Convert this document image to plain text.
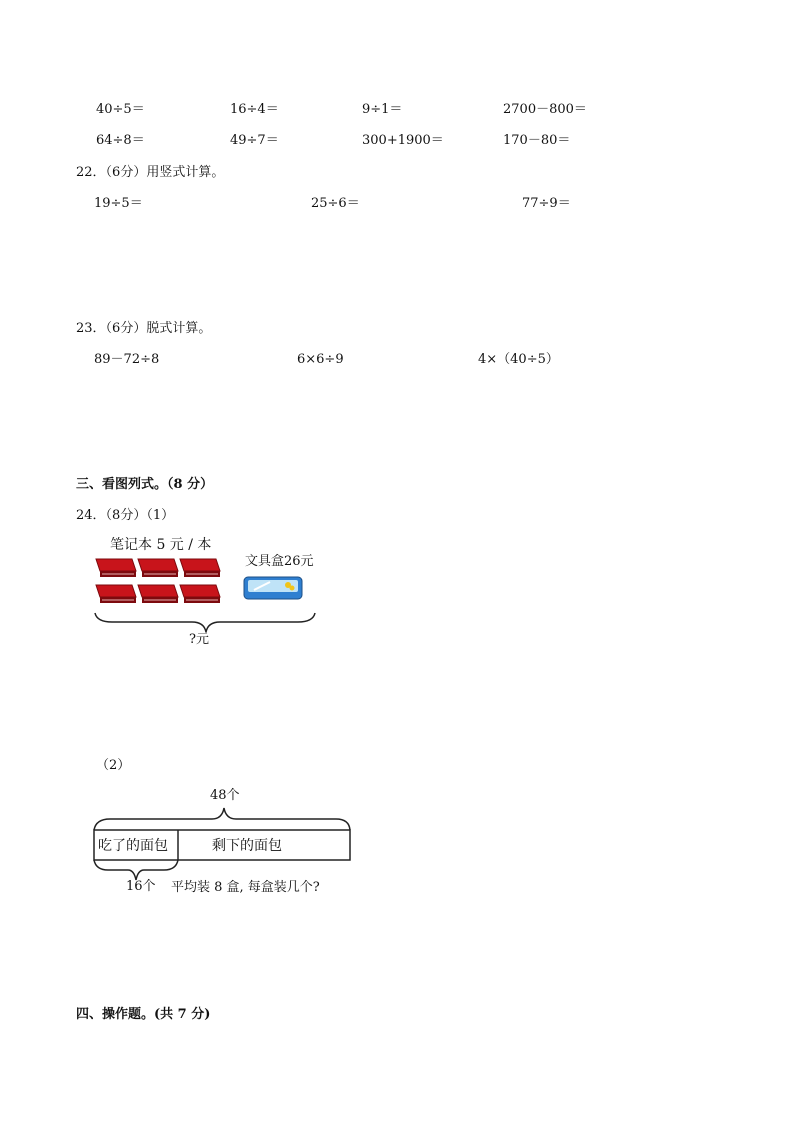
40÷5＝	16÷4＝	9÷1＝	2700－800＝
64÷8＝	49÷7＝	300+1900＝	170－80＝
22．（6分）用竖式计算。
19÷5＝	25÷6＝	77÷9＝
23．（6分）脱式计算。
89－72÷8	6×6÷9	4×（40÷5）
三、看图列式。（8 分）
24．（8分）（1）
笔记本 5 元 / 本
文具盒26元
?元
（2）
48个
吃了的面包	剩下的面包
16个 平均装 8 盒, 每盒装几个?
四、操作题。(共 7 分)
